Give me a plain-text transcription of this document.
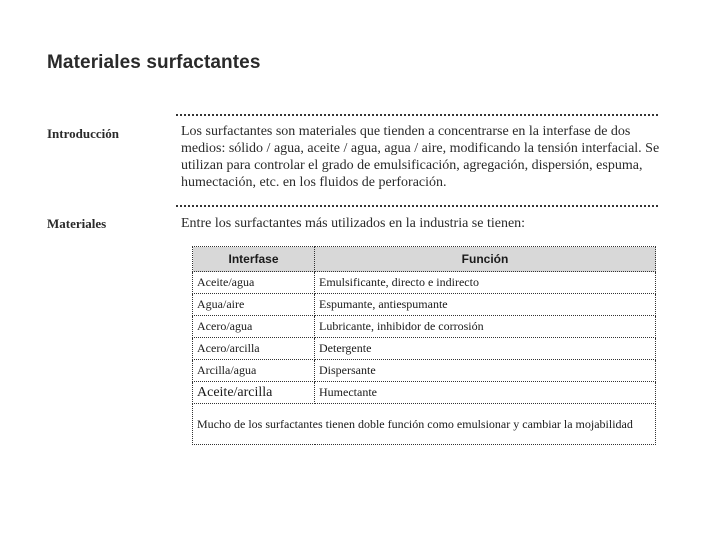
Materiales surfactantes
Introducción	Los surfactantes son materiales que tienden a concentrarse en la interfase de dos medios: sólido / agua, aceite / agua, agua / aire, modificando la tensión interfacial. Se utilizan para controlar el grado de emulsificación, agregación, dispersión, espuma, humectación, etc. en los fluidos de perforación.
Materiales	Entre los surfactantes más utilizados en la industria se tienen:
Interfase	Función
Aceite/agua	Emulsificante, directo e indirecto
Agua/aire	Espumante, antiespumante
Acero/agua	Lubricante, inhibidor de corrosión
Acero/arcilla	Detergente
Arcilla/agua	Dispersante
Aceite/arcilla	Humectante
Mucho de los surfactantes tienen doble función como emulsionar y cambiar la mojabilidad	
